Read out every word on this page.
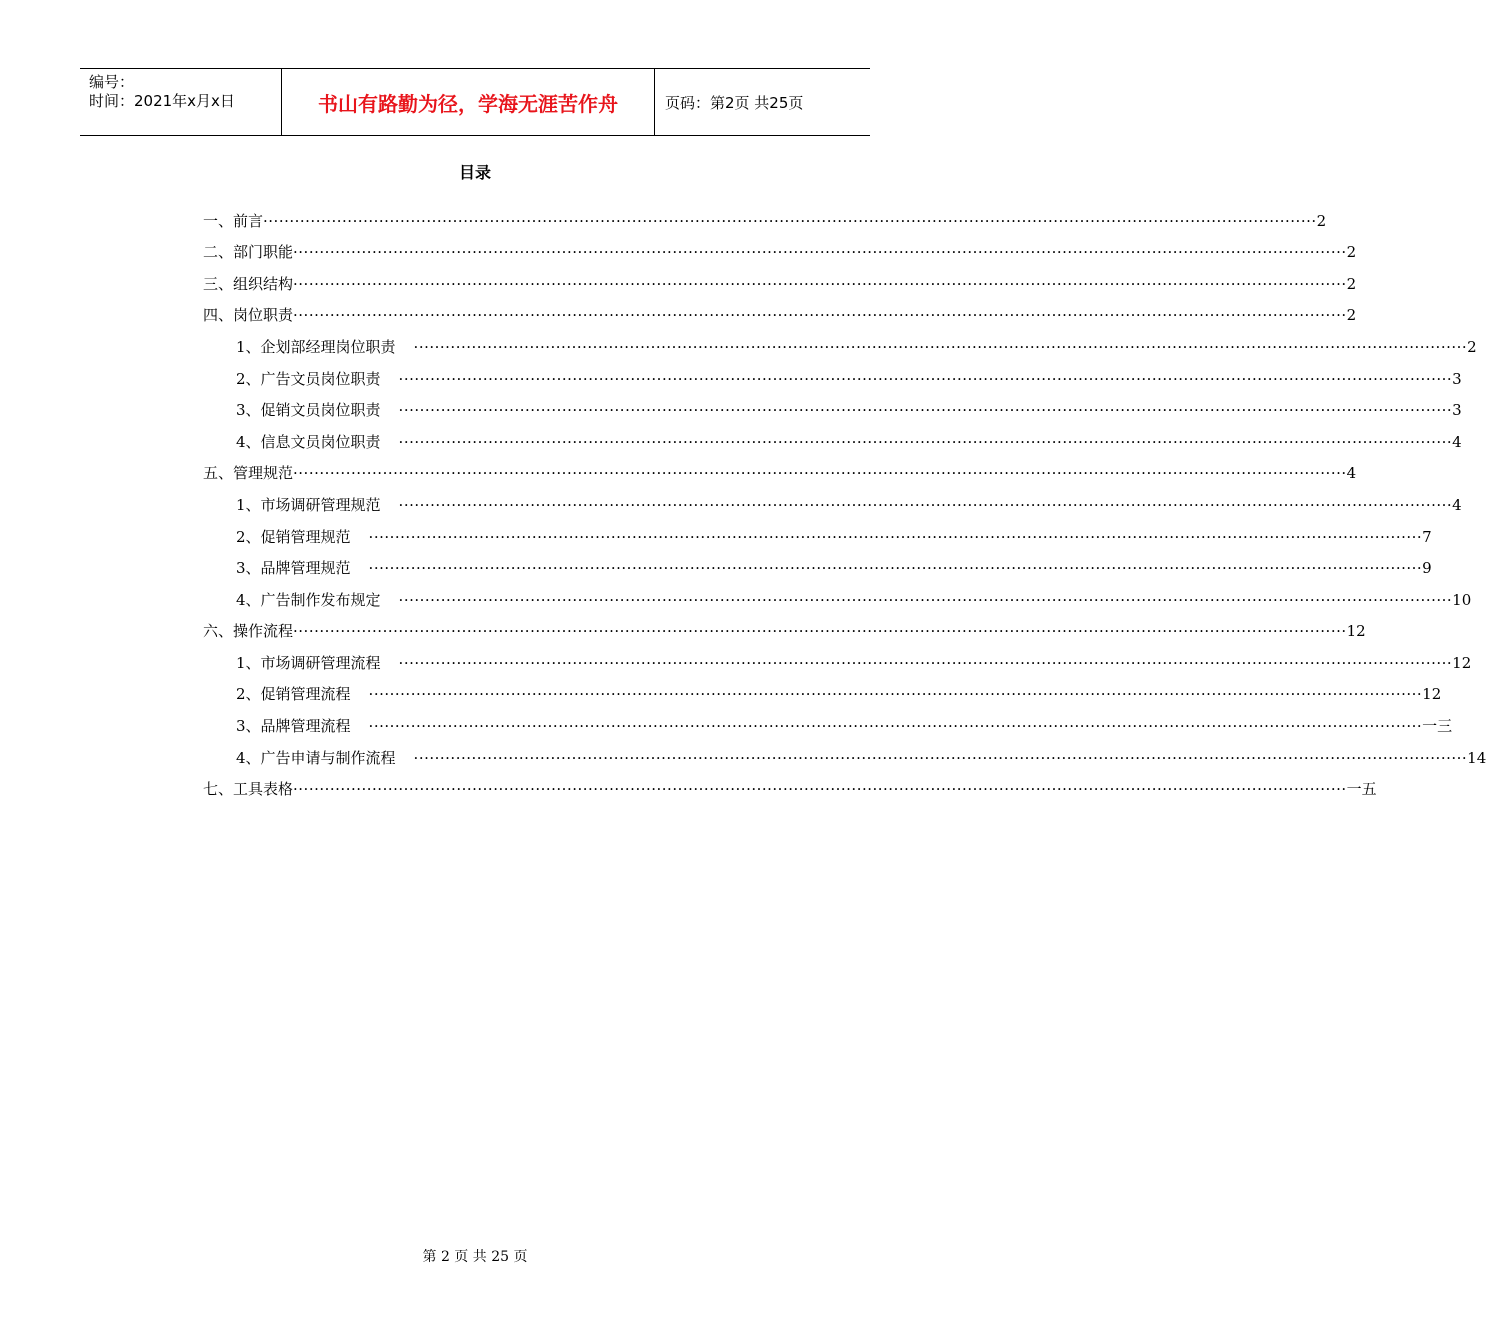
编号：
时间：2021年x月x日	书山有路勤为径，学海无涯苦作舟	页码：第2页 共25页
目录
一、前言 ········································································································································································································ 2
二、部门职能 ········································································································································································································ 2
三、组织结构 ········································································································································································································ 2
四、岗位职责 ········································································································································································································ 2
1、企划部经理岗位职责 ········································································································································································································ 2
2、广告文员岗位职责 ········································································································································································································ 3
3、促销文员岗位职责 ········································································································································································································ 3
4、信息文员岗位职责 ········································································································································································································ 4
五、管理规范 ········································································································································································································ 4
1、市场调研管理规范 ········································································································································································································ 4
2、促销管理规范 ········································································································································································································ 7
3、品牌管理规范 ········································································································································································································ 9
4、广告制作发布规定 ········································································································································································································ 10
六、操作流程 ········································································································································································································ 12
1、市场调研管理流程 ········································································································································································································ 12
2、促销管理流程 ········································································································································································································ 12
3、品牌管理流程 ········································································································································································································ 一三
4、广告申请与制作流程 ········································································································································································································ 14
七、工具表格 ········································································································································································································ 一五
第 2 页 共 25 页
